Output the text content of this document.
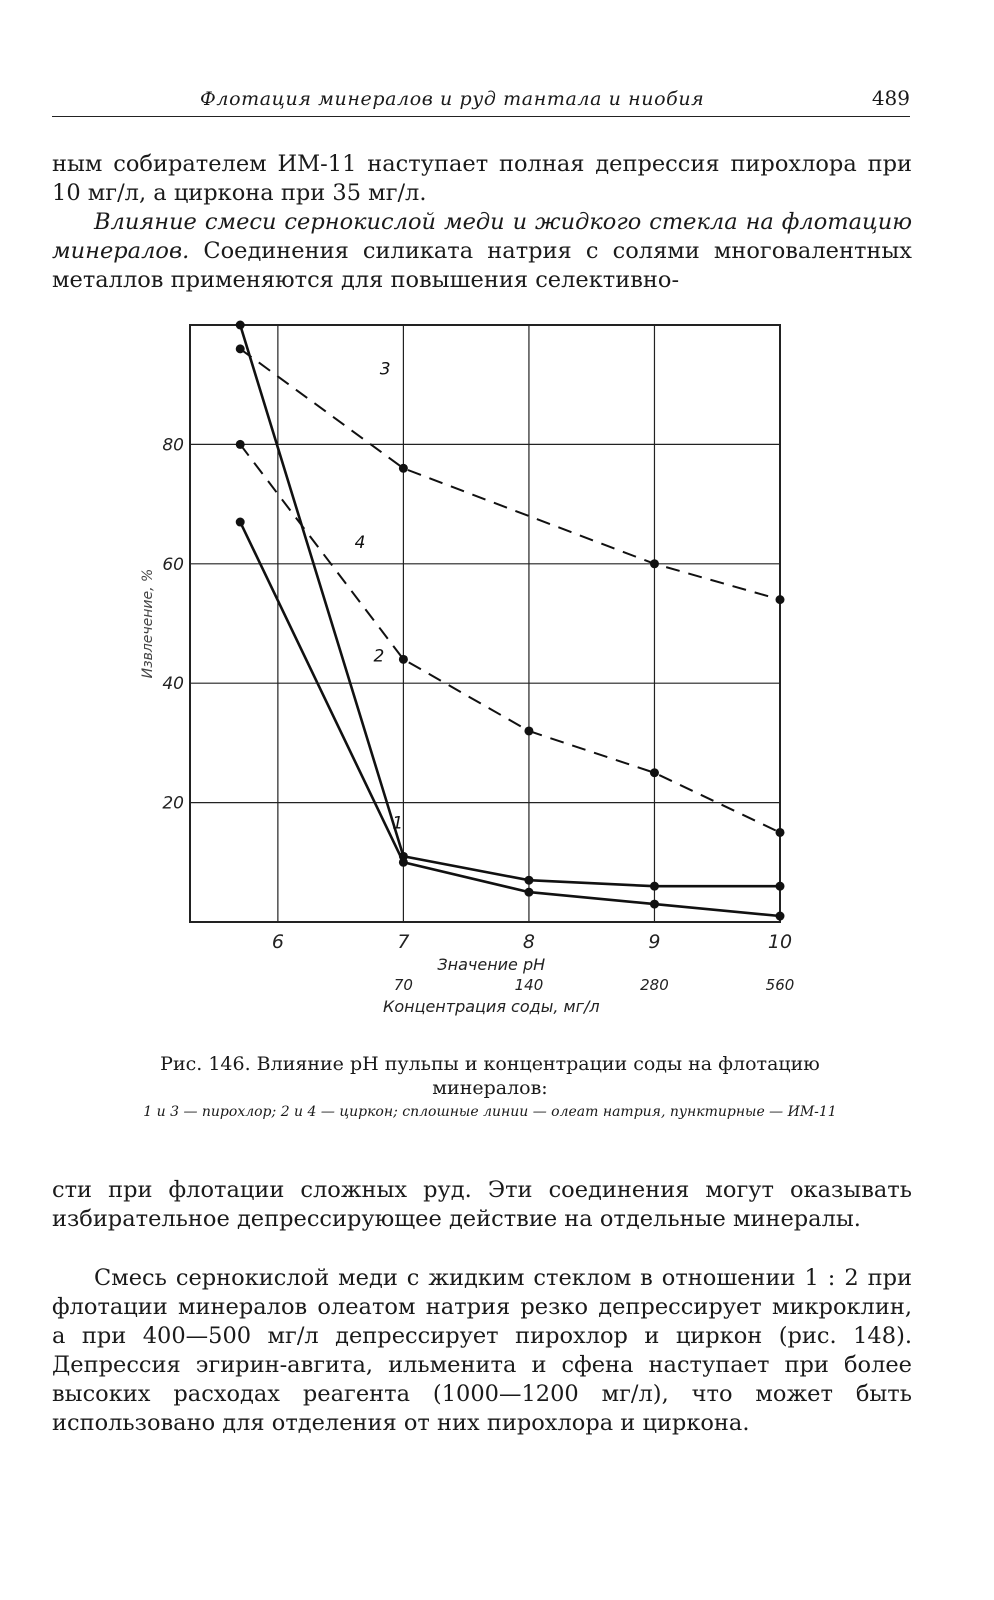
Флотация минералов и руд тантала и ниобия	489

ным собирателем ИМ-11 наступает полная депрессия пирохлора при 10 мг/л, а циркона при 35 мг/л.

Влияние смеси сернокислой меди и жидкого стекла на флотацию минералов. Соединения силиката натрия с солями многовалентных металлов применяются для повышения селективно-

20
40
60
80
6	7	8	9	10
70	140	280	560
Значение pH
Концентрация соды, мг/л
Извлечение, %
1
2
3
4

Рис. 146. Влияние pH пульпы и концентрации соды на флотацию минералов:

1 и 3 — пирохлор; 2 и 4 — циркон; сплошные линии — олеат натрия, пунктирные — ИМ-11

сти при флотации сложных руд. Эти соединения могут оказывать избирательное депрессирующее действие на отдельные минералы.

Смесь сернокислой меди с жидким стеклом в отношении 1 : 2 при флотации минералов олеатом натрия резко депрессирует микроклин, а при 400—500 мг/л депрессирует пирохлор и циркон (рис. 148). Депрессия эгирин-авгита, ильменита и сфена наступает при более высоких расходах реагента (1000—1200 мг/л), что может быть использовано для отделения от них пирохлора и циркона.
